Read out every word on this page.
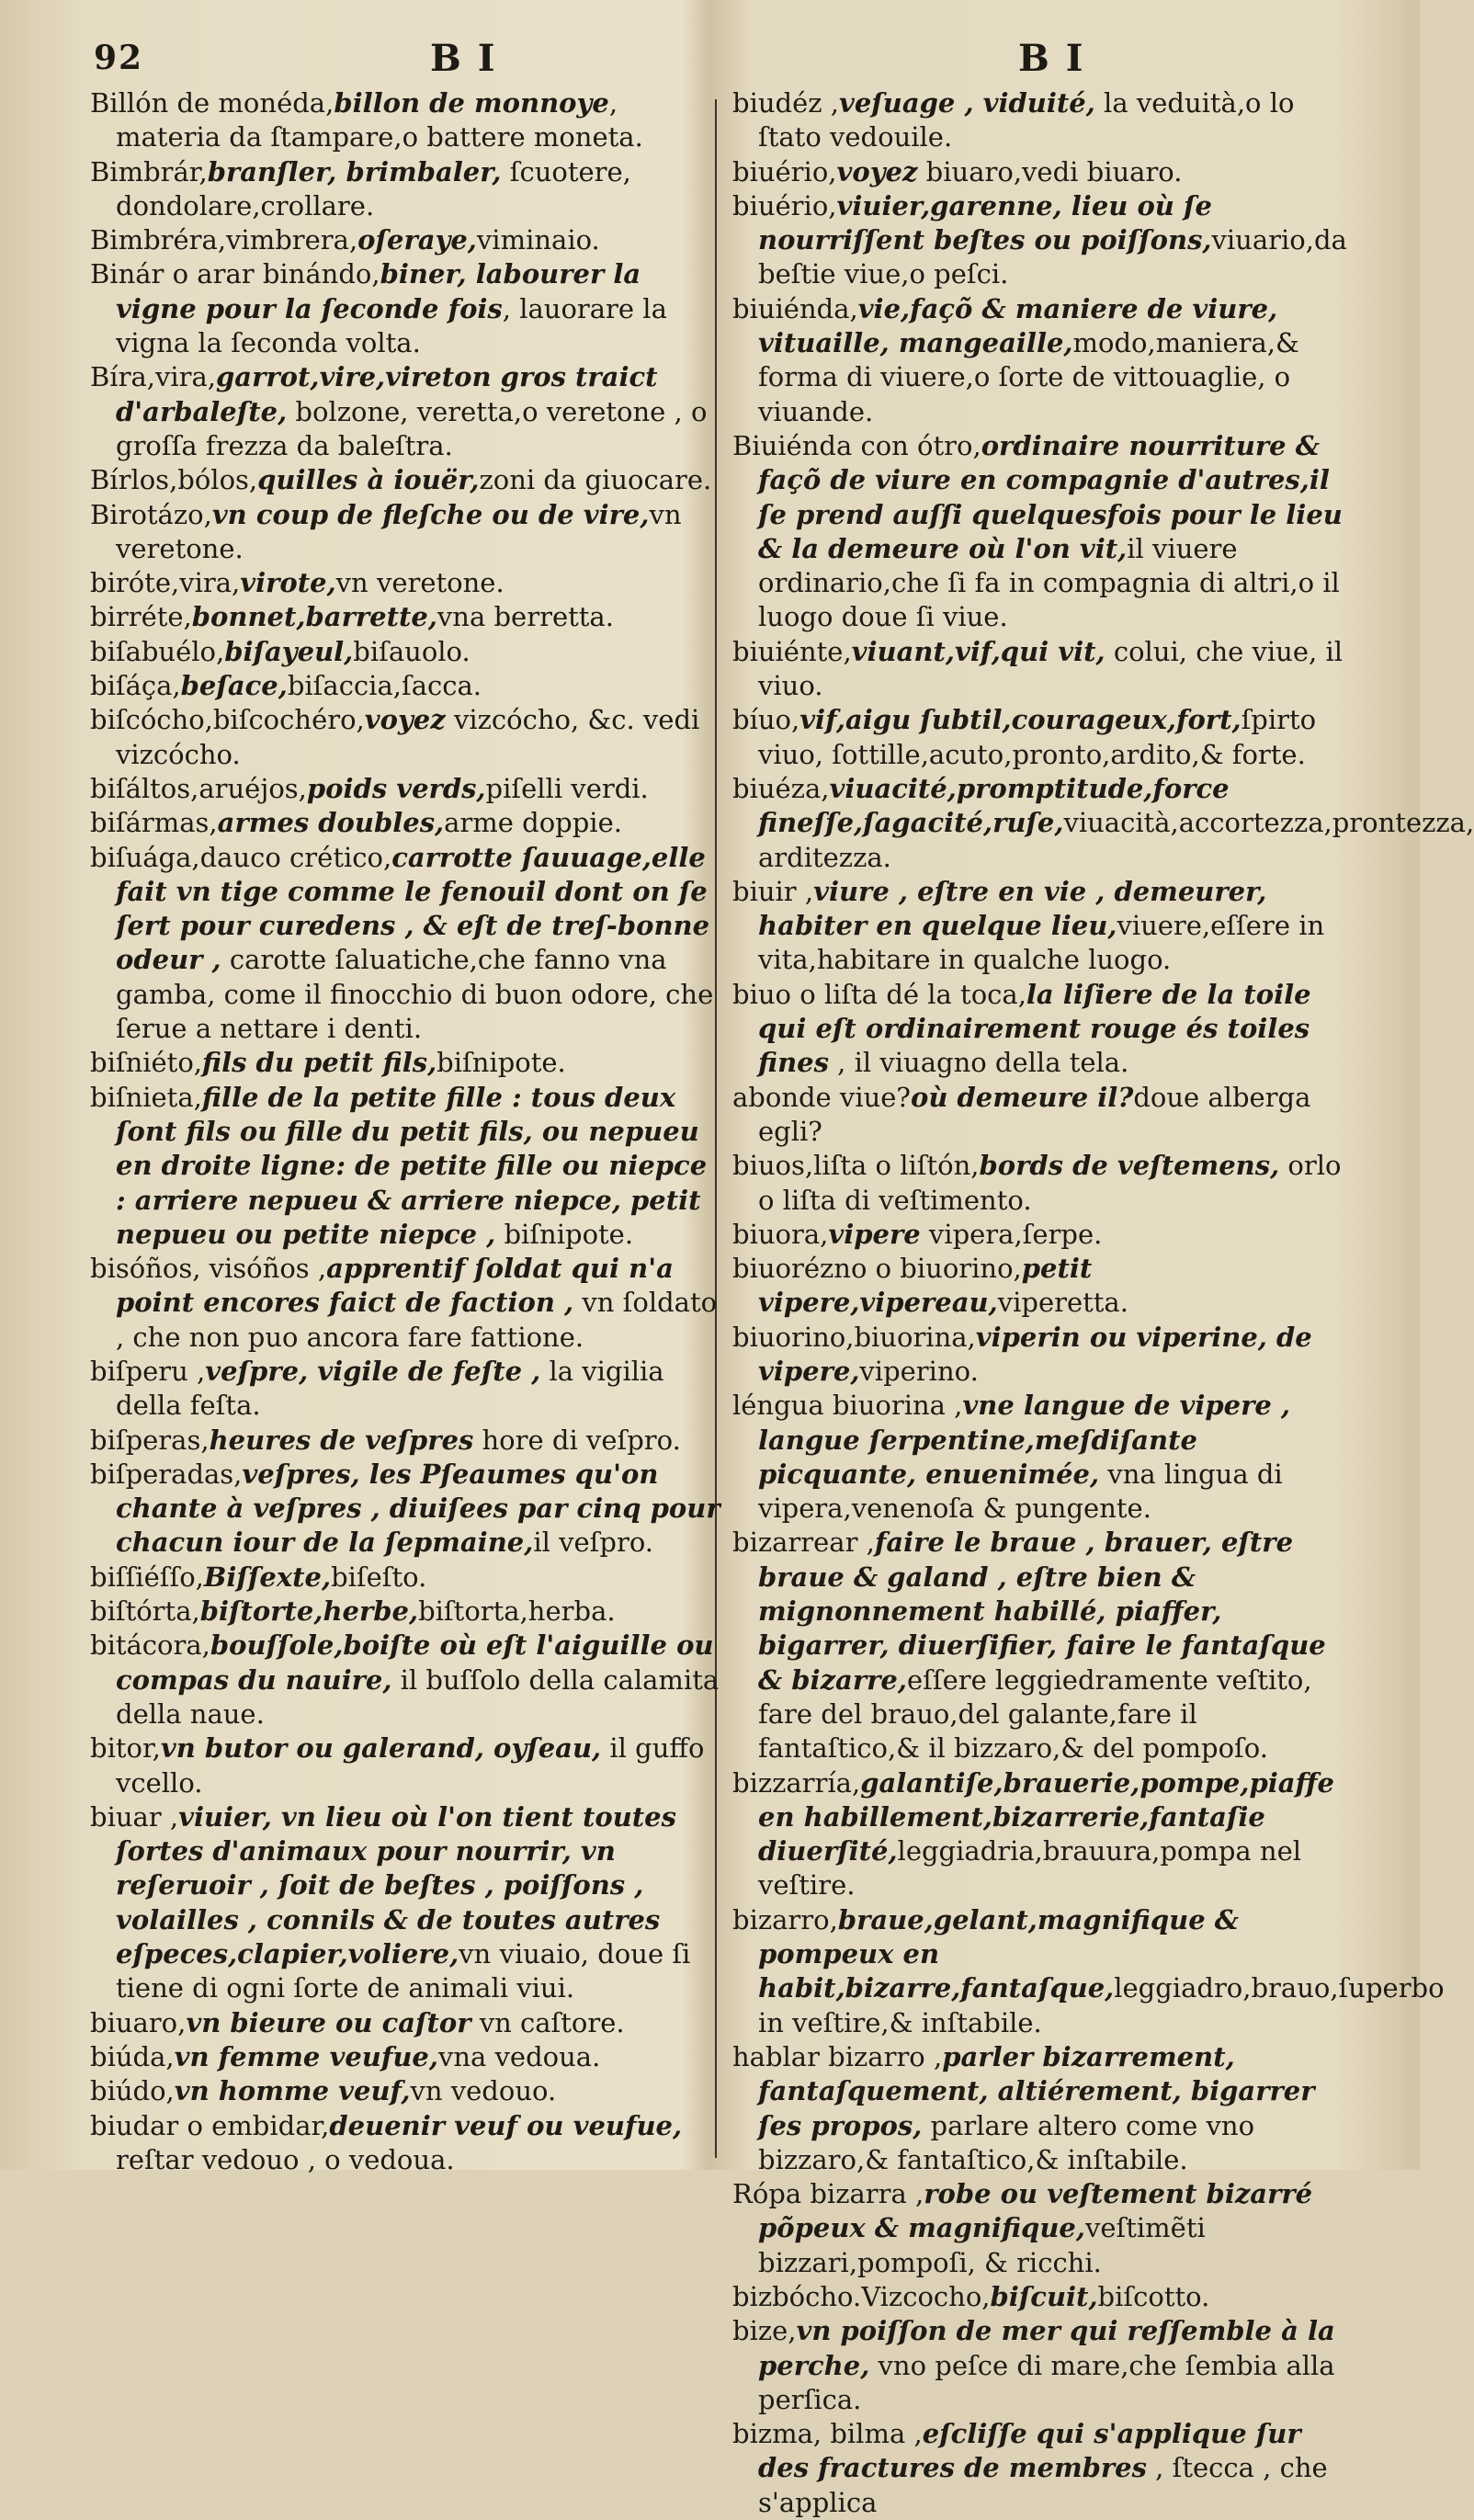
92	B I	B I

Billón de monéda,billon de monnoye, materia da ſtampare,o battere moneta.

Bimbrár,branſler, brimbaler, ſcuotere, dondolare,crollare.

Bimbréra,vimbrera,oſeraye,viminaio.

Binár o arar binándo,biner, labourer la vigne pour la ſeconde fois, lauorare la vigna la ſeconda volta.

Bíra,vira,garrot,vire,vireton gros traict d'arbaleſte, bolzone, veretta,o veretone , o groſſa frezza da baleſtra.

Bírlos,bólos,quilles à iouër,zoni da giuocare.

Birotázo,vn coup de fleſche ou de vire,vn veretone.

biróte,vira,virote,vn veretone.

birréte,bonnet,barrette,vna berretta.

biſabuélo,biſayeul,biſauolo.

biſáça,beſace,biſaccia,ſacca.

biſcócho,biſcochéro,voyez vizcócho, &c. vedi vizcócho.

biſáltos,aruéjos,poids verds,piſelli verdi.

biſármas,armes doubles,arme doppie.

biſuága,dauco crético,carrotte ſauuage,elle fait vn tige comme le fenouil dont on ſe ſert pour curedens , & eſt de treſ-bonne odeur , carotte ſaluatiche,che fanno vna gamba, come il finocchio di buon odore, che ſerue a nettare i denti.

biſniéto,fils du petit fils,biſnipote.

biſnieta,fille de la petite fille : tous deux ſont fils ou fille du petit fils, ou nepueu en droite ligne: de petite fille ou niepce : arriere nepueu & arriere niepce, petit nepueu ou petite niepce , biſnipote.

bisóños, visóños ,apprentif ſoldat qui n'a point encores faict de faction , vn ſoldato , che non puo ancora fare fattione.

biſperu ,veſpre, vigile de feſte , la vigilia della feſta.

biſperas,heures de veſpres hore di veſpro.

biſperadas,veſpres, les Pſeaumes qu'on chante à veſpres , diuiſees par cinq pour chacun iour de la ſepmaine,il veſpro.

biſſiéſſo,Biſſexte,biſeſto.

biſtórta,biſtorte,herbe,biſtorta,herba.

bitácora,bouſſole,boiſte où eſt l'aiguille ou compas du nauire, il buſſolo della calamita della naue.

bitor,vn butor ou galerand, oyſeau, il guffo vcello.

biuar ,viuier, vn lieu où l'on tient toutes ſortes d'animaux pour nourrir, vn reſeruoir , ſoit de beſtes , poiſſons , volailles , connils & de toutes autres eſpeces,clapier,voliere,vn viuaio, doue ſi tiene di ogni ſorte de animali viui.

biuaro,vn bieure ou caſtor vn caſtore.

biúda,vn femme veufue,vna vedoua.

biúdo,vn homme veuf,vn vedouo.

biudar o embidar,deuenir veuf ou veufue, reſtar vedouo , o vedoua.

biudéz ,veſuage , viduité, la veduità,o lo ſtato vedouile.

biuério,voyez biuaro,vedi biuaro.

biuério,viuier,garenne, lieu où ſe nourriſſent beſtes ou poiſſons,viuario,da beſtie viue,o peſci.

biuiénda,vie,façõ & maniere de viure, vituaille, mangeaille,modo,maniera,& forma di viuere,o ſorte de vittouaglie, o viuande.

Biuiénda con ótro,ordinaire nourriture & façõ de viure en compagnie d'autres,il ſe prend auſſi quelquesfois pour le lieu & la demeure où l'on vit,il viuere ordinario,che ſi fa in compagnia di altri,o il luogo doue ſi viue.

biuiénte,viuant,vif,qui vit, colui, che viue, il viuo.

bíuo,vif,aigu ſubtil,courageux,fort,ſpirto viuo, ſottille,acuto,pronto,ardito,& forte.

biuéza,viuacité,promptitude,force fineſſe,ſagacité,ruſe,viuacità,accortezza,prontezza, arditezza.

biuir ,viure , eſtre en vie , demeurer, habiter en quelque lieu,viuere,eſſere in vita,habitare in qualche luogo.

biuo o liſta dé la toca,la liſiere de la toile qui eſt ordinairement rouge és toiles fines , il viuagno della tela.

abonde viue?où demeure il?doue alberga egli?

biuos,liſta o liſtón,bords de veſtemens, orlo o liſta di veſtimento.

biuora,vipere vipera,ſerpe.

biuorézno o biuorino,petit vipere,vipereau,viperetta.

biuorino,biuorina,viperin ou viperine, de vipere,viperino.

léngua biuorina ,vne langue de vipere , langue ſerpentine,meſdiſante picquante, enuenimée, vna lingua di vipera,venenoſa & pungente.

bizarrear ,faire le braue , brauer, eſtre braue & galand , eſtre bien & mignonnement habillé, piaffer, bigarrer, diuerſifier, faire le fantaſque & bizarre,eſſere leggiedramente veſtito, fare del brauo,del galante,fare il fantaſtico,& il bizzaro,& del pompoſo.

bizzarría,galantiſe,brauerie,pompe,piaffe en habillement,bizarrerie,fantaſie diuerſité,leggiadria,brauura,pompa nel veſtire.

bizarro,braue,gelant,magnifique & pompeux en habit,bizarre,fantaſque,leggiadro,brauo,ſuperbo in veſtire,& inſtabile.

hablar bizarro ,parler bizarrement, fantaſquement, altiérement, bigarrer ſes propos, parlare altero come vno bizzaro,& fantaſtico,& inſtabile.

Rópa bizarra ,robe ou veſtement bizarré põpeux & magnifique,veſtimẽti bizzari,pompoſi, & ricchi.

bizbócho.Vizcocho,biſcuit,biſcotto.

bize,vn poiſſon de mer qui reſſemble à la perche, vno peſce di mare,che ſembia alla perſica.

bizma, bilma ,eſcliſſe qui s'applique ſur des fractures de membres , ſtecca , che s'applica
